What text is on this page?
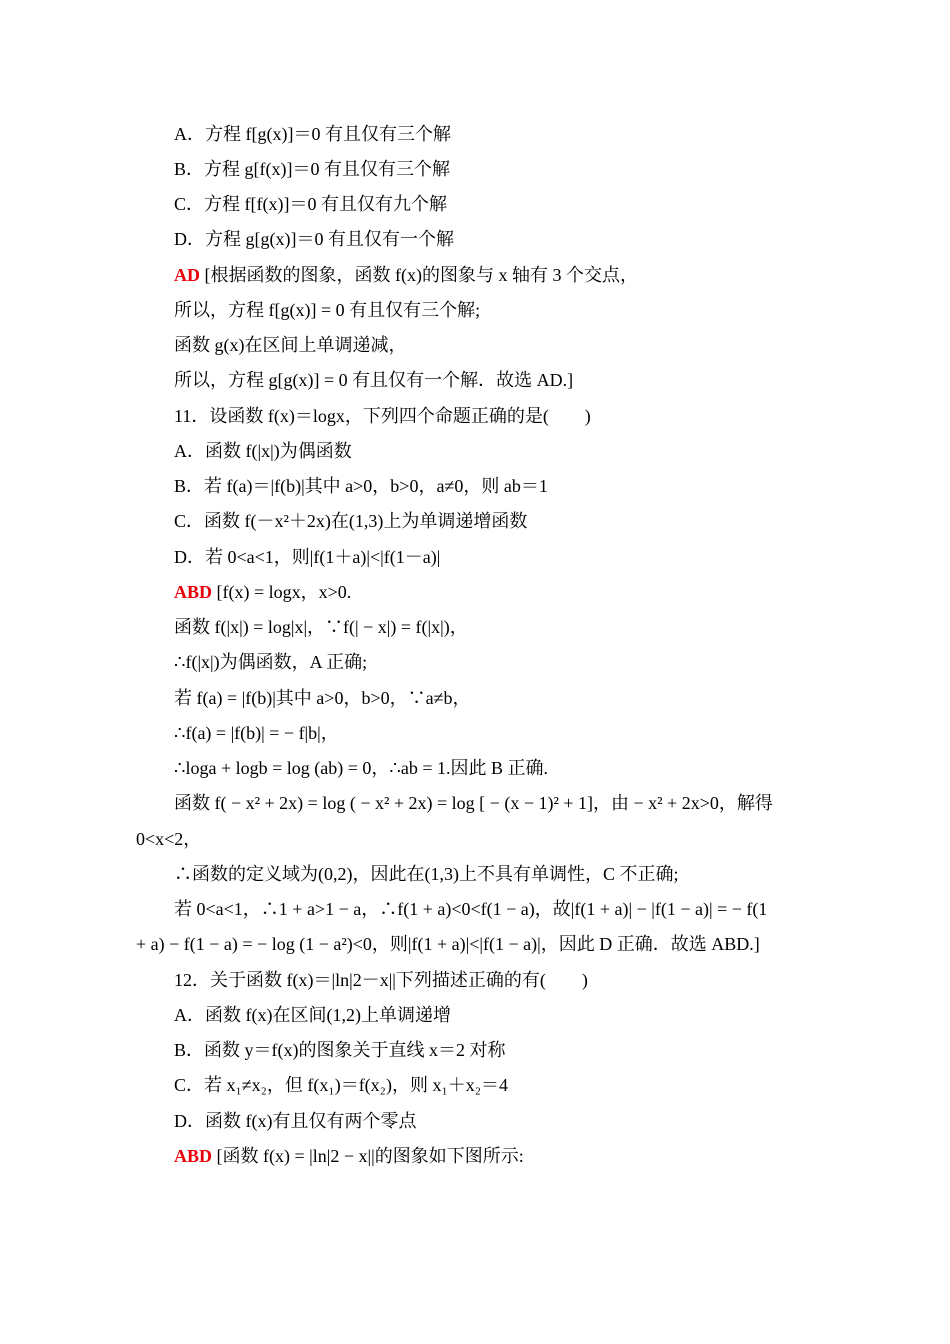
A．方程 f[g(x)]＝0 有且仅有三个解
B．方程 g[f(x)]＝0 有且仅有三个解
C．方程 f[f(x)]＝0 有且仅有九个解
D．方程 g[g(x)]＝0 有且仅有一个解
AD [根据函数的图象，函数 f(x)的图象与 x 轴有 3 个交点，
所以，方程 f[g(x)] = 0 有且仅有三个解;
函数 g(x)在区间上单调递减，
所以，方程 g[g(x)] = 0 有且仅有一个解．故选 AD.]
11．设函数 f(x)＝logx，下列四个命题正确的是(　　)
A．函数 f(|x|)为偶函数
B．若 f(a)＝|f(b)|其中 a>0，b>0，a≠0，则 ab＝1
C．函数 f(－x²＋2x)在(1,3)上为单调递增函数
D．若 0<a<1，则|f(1＋a)|<|f(1－a)|
ABD [f(x) = logx，x>0.
函数 f(|x|) = log|x|，∵f(| − x|) = f(|x|)，
∴f(|x|)为偶函数，A 正确;
若 f(a) = |f(b)|其中 a>0，b>0，∵a≠b，
∴f(a) = |f(b)| = − f|b|，
∴loga + logb = log (ab) = 0，∴ab = 1.因此 B 正确.
函数 f( − x² + 2x) = log ( − x² + 2x) = log [ − (x − 1)² + 1]，由 − x² + 2x>0，解得
0<x<2，
∴函数的定义域为(0,2)，因此在(1,3)上不具有单调性，C 不正确;
若 0<a<1，∴1 + a>1 − a，∴f(1 + a)<0<f(1 − a)，故|f(1 + a)| − |f(1 − a)| = − f(1
+ a) − f(1 − a) = − log (1 − a²)<0，则|f(1 + a)|<|f(1 − a)|，因此 D 正确．故选 ABD.]
12．关于函数 f(x)＝|ln|2－x||下列描述正确的有(　　)
A．函数 f(x)在区间(1,2)上单调递增
B．函数 y＝f(x)的图象关于直线 x＝2 对称
C．若 x₁≠x₂，但 f(x₁)＝f(x₂)，则 x₁＋x₂＝4
D．函数 f(x)有且仅有两个零点
ABD [函数 f(x) = |ln|2 − x||的图象如下图所示:
